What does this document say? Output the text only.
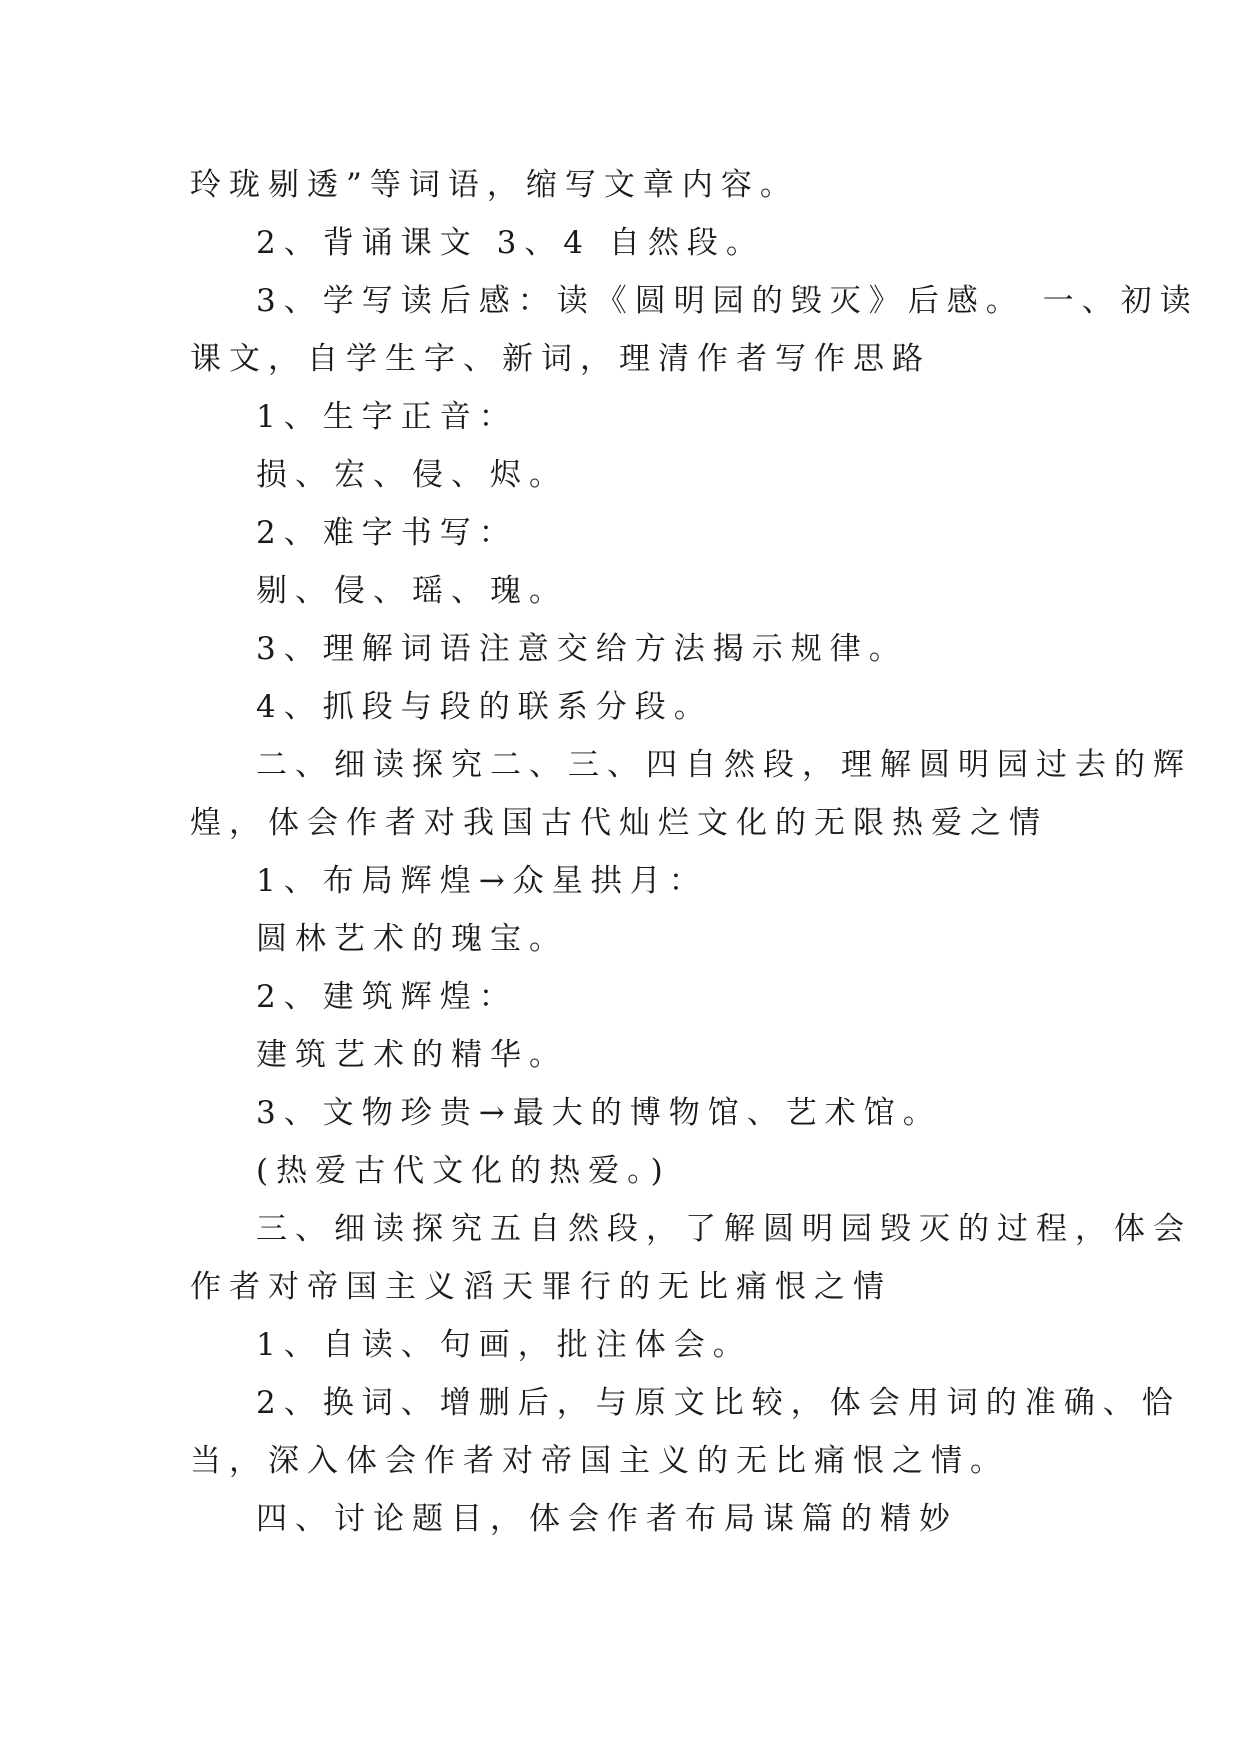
玲珑剔透”等词语，缩写文章内容。

2、背诵课文 3、4 自然段。

3、学写读后感：读《圆明园的毁灭》后感。 一、初读

课文，自学生字、新词，理清作者写作思路

1、生字正音：

损、宏、侵、烬。

2、难字书写：

剔、侵、瑶、瑰。

3、理解词语注意交给方法揭示规律。

4、抓段与段的联系分段。

二、细读探究二、三、四自然段，理解圆明园过去的辉

煌，体会作者对我国古代灿烂文化的无限热爱之情

1、布局辉煌→众星拱月：

圆林艺术的瑰宝。

2、建筑辉煌：

建筑艺术的精华。

3、文物珍贵→最大的博物馆、艺术馆。

(热爱古代文化的热爱。)

三、细读探究五自然段，了解圆明园毁灭的过程，体会

作者对帝国主义滔天罪行的无比痛恨之情

1、自读、句画，批注体会。

2、换词、增删后，与原文比较，体会用词的准确、恰

当，深入体会作者对帝国主义的无比痛恨之情。

四、讨论题目，体会作者布局谋篇的精妙
